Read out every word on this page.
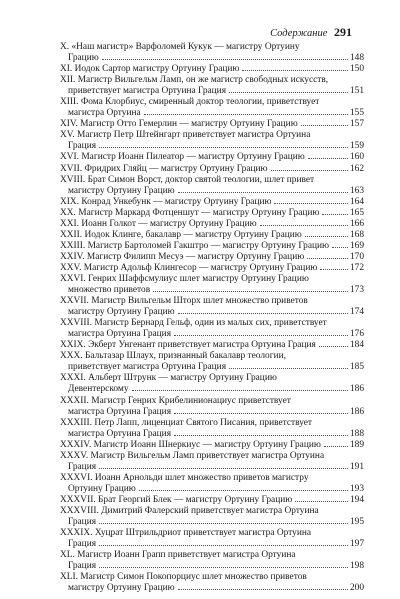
Содержание 291
X. «Наш магистр» Варфоломей Кукук — магистру Ортуину
Грацию	148
XI. Иодок Сартор магистру Ортуину Грацию	150
XII. Магистр Вильгельм Ламп, он же магистр свободных искусств,
приветствует магистра Ортуина Грация	151
XIII. Фома Клорбиус, смиренный доктор теологии, приветствует
магистра Ортуина	155
XIV. Магистр Отто Гемерлин — магистру Ортуину Грацию	157
XV. Магистр Петр Штейнгарт приветствует магистра Ортуина
Грация	159
XVI. Магистр Иоанн Пилеатор — магистру Ортуину Грацию	160
XVII. Фридрих Гляйц — магистру Ортуину Грацию	162
XVIII. Брат Симон Ворст, доктор святой теологии, шлет привет
магистру Ортуину Грацию	163
XIX. Конрад Ункебунк — магистру Ортуину Грацию	164
XX. Магистр Маркард Фотценшут — магистру Ортуину Грацию	165
XXI. Иоанн Голкот — магистру Ортуину Грацию	166
XXII. Иодок Клинге, бакалавр — магистру Ортуину Грацию	168
XXIII. Магистр Бартоломей Гакштро — магистру Ортуину Грацию 169
XXIV. Магистр Филипп Месуэ — магистру Ортуину Грацию	170
XXV. Магистр Адольф Клингесор — магистру Ортуину Грацию	172
XXVI. Генрих Шаффсмулиус шлет магистру Ортуину Грацию
множество приветов	173
XXVII. Магистр Вильгельм Шторх шлет множество приветов
магистру Ортуину Грацию	174
XXVIII. Магистр Бернард Гельф, один из малых сих, приветствует
магистра Ортуина Грация	176
XXIX. Экберт Унгенант приветствует магистра Ортуина Грация	184
XXX. Бальтазар Шлаух, признанный бакалавр теологии,
приветствует магистра Ортуина Грация	185
XXXI. Альберт Штрунк — магистру Ортуину Грацию
Девентерскому	186
XXXII. Магистр Генрих Крибелинионациус приветствует
магистра Ортуина Грация	186
XXXIII. Петр Лапп, лиценциат Святого Писания, приветствует
магистра Ортуина Грация	188
XXXIV. Магистр Иоанн Шнеркиус — магистру Ортуину Грацию	189
XXXV. Магистр Вильгельм Ламп приветствует магистра Ортуина
Грация	191
XXXVI. Иоанн Арнольди шлет множество приветов магистру
Ортуину Грацию	193
XXXVII. Брат Георгий Блек — магистру Ортуину Грацию	194
XXXVIII. Димитрий Фалерский приветствует магистра Ортуина
Грация	195
XXXIX. Хуцрат Штрильдриот приветствует магистра Ортуина
Грация	197
XL. Магистр Иоанн Грапп приветствует магистра Ортуина
Грация	198
XLI. Магистр Симон Покопорциус шлет множество приветов
магистру Ортуину Грацию	200
